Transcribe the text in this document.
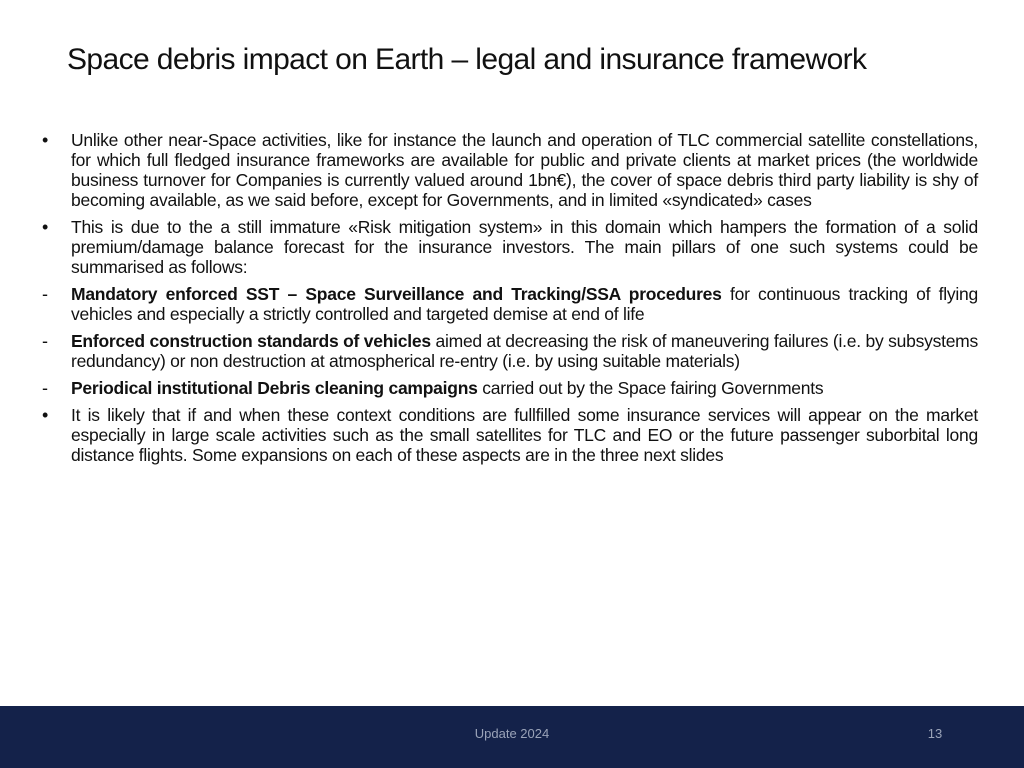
Space debris impact on Earth – legal and insurance framework
•	Unlike other near-Space activities, like for instance the launch and operation of TLC commercial satellite constellations, for which full fledged insurance frameworks are available for public and private clients at market prices (the worldwide business turnover for Companies is currently valued around 1bn€), the cover of space debris third party liability is shy of becoming available, as we said before, except for Governments, and in limited «syndicated» cases
•	This is due to the a still immature «Risk mitigation system» in this domain which hampers the formation of a solid premium/damage balance forecast for the insurance investors. The main pillars of one such systems could be summarised as follows:
-	Mandatory enforced SST – Space Surveillance and Tracking/SSA procedures for continuous tracking of flying vehicles and especially a strictly controlled and targeted demise at end of life
-	Enforced construction standards of vehicles aimed at decreasing the risk of maneuvering failures (i.e. by subsystems redundancy) or non destruction at atmospherical re-entry (i.e. by using suitable materials)
-	Periodical institutional Debris cleaning campaigns carried out by the Space fairing Governments
•	It is likely that if and when these context conditions are fullfilled some insurance services will appear on the market especially in large scale activities such as the small satellites for TLC and EO or the future passenger suborbital long distance flights. Some expansions on each of these aspects are in the three next slides
Update 2024	13
